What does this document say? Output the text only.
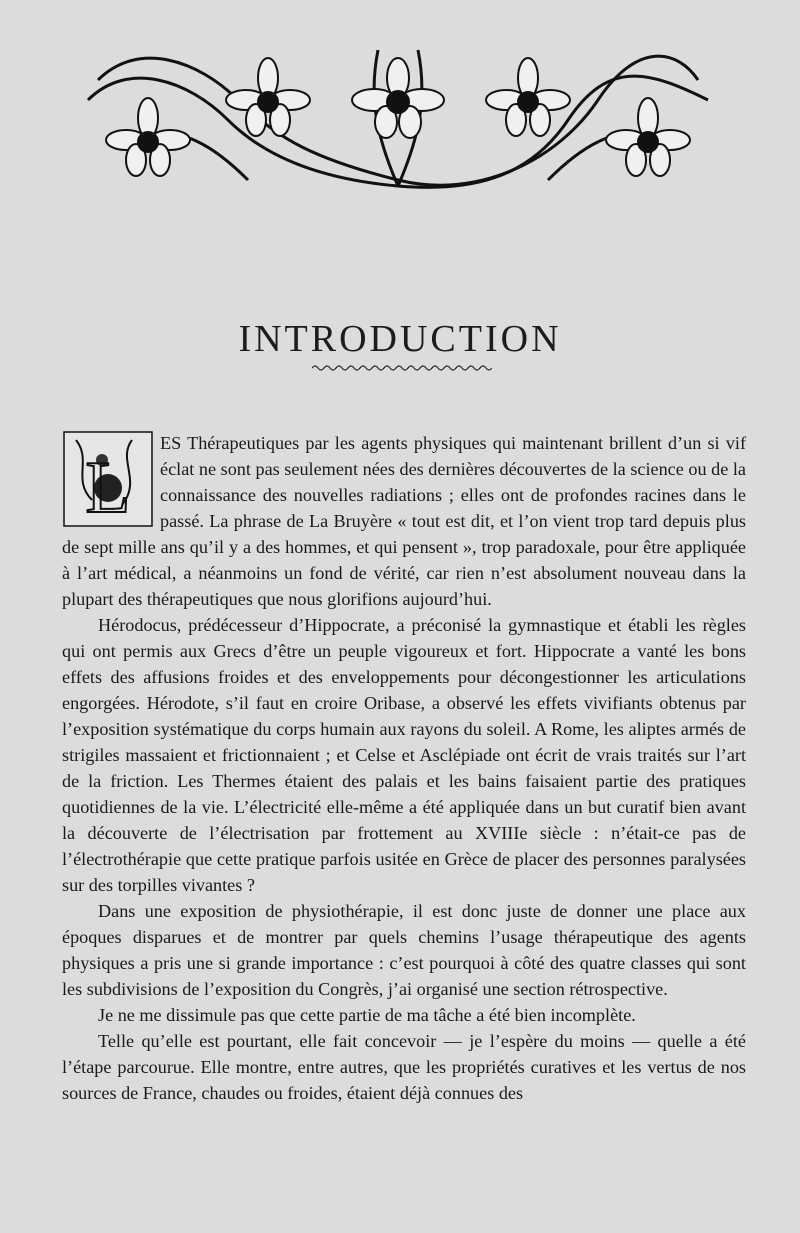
INTRODUCTION

L
ES Thérapeutiques par les agents physiques qui maintenant brillent d’un si vif éclat ne sont pas seulement nées des dernières découvertes de la science ou de la connaissance des nouvelles radiations ; elles ont de profondes racines dans le passé. La phrase de La Bruyère « tout est dit, et l’on vient trop tard depuis plus de sept mille ans qu’il y a des hommes, et qui pensent », trop paradoxale, pour être appliquée à l’art médical, a néanmoins un fond de vérité, car rien n’est absolument nouveau dans la plupart des thérapeutiques que nous glorifions aujourd’hui.

Hérodocus, prédécesseur d’Hippocrate, a préconisé la gymnastique et établi les règles qui ont permis aux Grecs d’être un peuple vigoureux et fort. Hippocrate a vanté les bons effets des affusions froides et des enveloppements pour décongestionner les articulations engorgées. Hérodote, s’il faut en croire Oribase, a observé les effets vivifiants obtenus par l’exposition systématique du corps humain aux rayons du soleil. A Rome, les aliptes armés de strigiles massaient et frictionnaient ; et Celse et Asclépiade ont écrit de vrais traités sur l’art de la friction. Les Thermes étaient des palais et les bains faisaient partie des pratiques quotidiennes de la vie. L’électricité elle-même a été appliquée dans un but curatif bien avant la découverte de l’électrisation par frottement au XVIIIe siècle : n’était-ce pas de l’électrothérapie que cette pratique parfois usitée en Grèce de placer des personnes paralysées sur des torpilles vivantes ?

Dans une exposition de physiothérapie, il est donc juste de donner une place aux époques disparues et de montrer par quels chemins l’usage thérapeutique des agents physiques a pris une si grande importance : c’est pourquoi à côté des quatre classes qui sont les subdivisions de l’exposition du Congrès, j’ai organisé une section rétrospective.

Je ne me dissimule pas que cette partie de ma tâche a été bien incomplète.

Telle qu’elle est pourtant, elle fait concevoir — je l’espère du moins — quelle a été l’étape parcourue. Elle montre, entre autres, que les propriétés curatives et les vertus de nos sources de France, chaudes ou froides, étaient déjà connues des
